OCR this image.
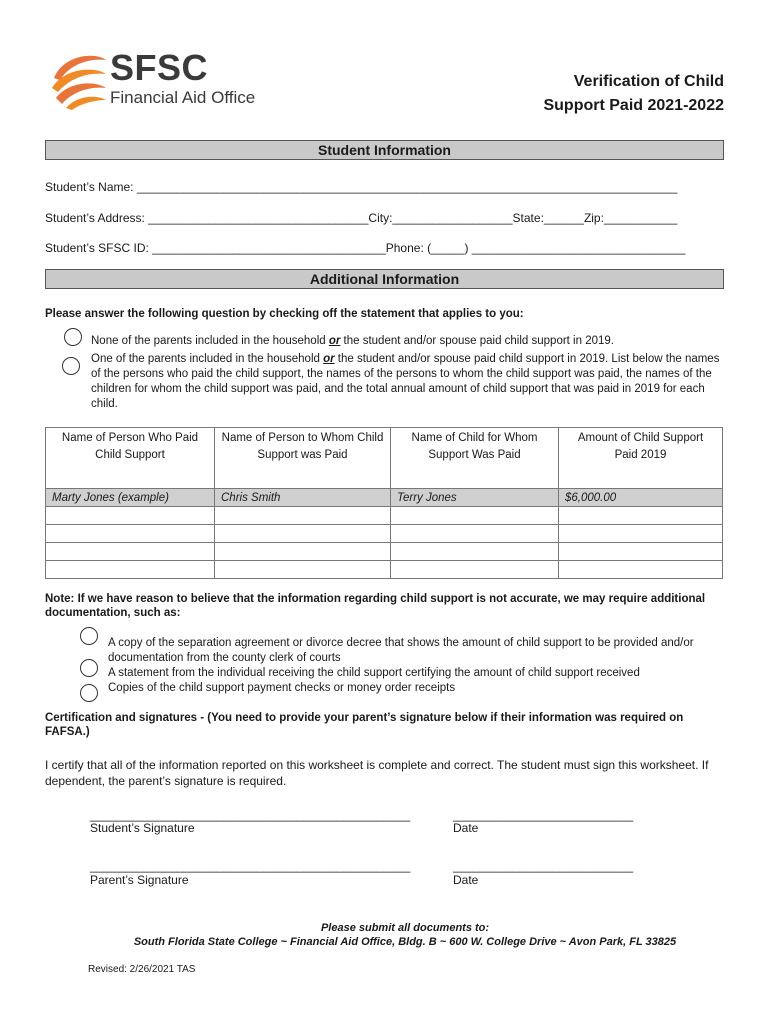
SFSC
Financial Aid Office
Verification of Child
Support Paid 2021-2022
Student Information
Student’s Name: _________________________________________________________________________________
Student’s Address: _________________________________City:__________________State:______Zip:___________
Student’s SFSC ID: ___________________________________Phone: (_____) ________________________________
Additional Information
Please answer the following question by checking off the statement that applies to you:
None of the parents included in the household or the student and/or spouse paid child support in 2019.
One of the parents included in the household or the student and/or spouse paid child support in 2019. List below the names of the persons who paid the child support, the names of the persons to whom the child support was paid, the names of the children for whom the child support was paid, and the total annual amount of child support that was paid in 2019 for each child.
Name of Person Who Paid Child Support	Name of Person to Whom Child Support was Paid	Name of Child for Whom Support Was Paid	Amount of Child Support Paid 2019
Marty Jones (example)	Chris Smith	Terry Jones	$6,000.00

Note: If we have reason to believe that the information regarding child support is not accurate, we may require additional documentation, such as:
A copy of the separation agreement or divorce decree that shows the amount of child support to be provided and/or documentation from the county clerk of courts
A statement from the individual receiving the child support certifying the amount of child support received
Copies of the child support payment checks or money order receipts
Certification and signatures - (You need to provide your parent’s signature below if their information was required on FAFSA.)
I certify that all of the information reported on this worksheet is complete and correct. The student must sign this worksheet. If dependent, the parent’s signature is required.
________________________________________________
Student’s Signature
___________________________
Date
________________________________________________
Parent’s Signature
___________________________
Date
Please submit all documents to:
South Florida State College ~ Financial Aid Office, Bldg. B ~ 600 W. College Drive ~ Avon Park, FL 33825
Revised: 2/26/2021 TAS
